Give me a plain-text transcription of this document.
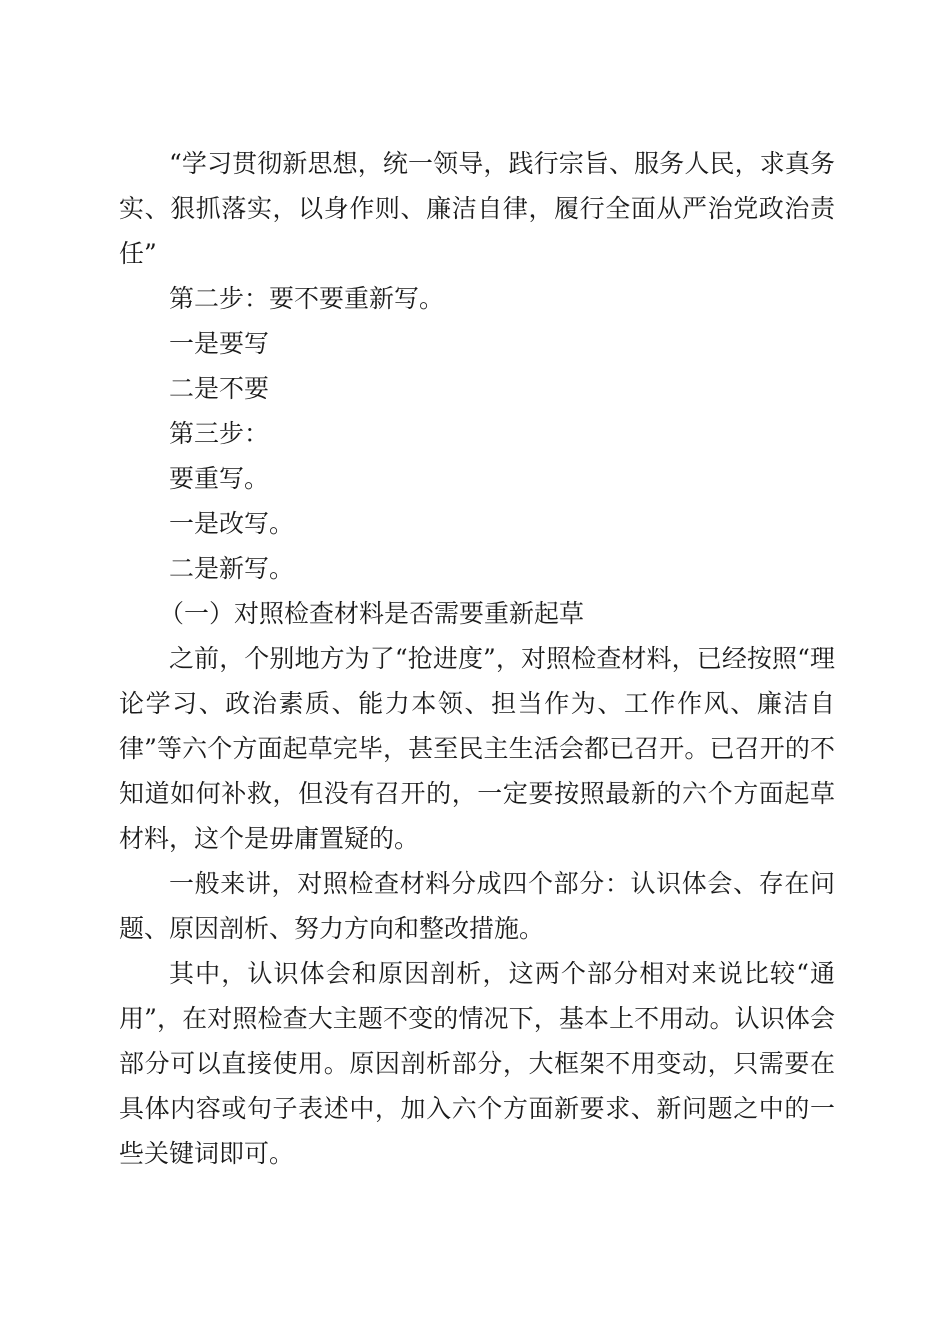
“学习贯彻新思想，统一领导，践行宗旨、服务人民，求真务实、狠抓落实，以身作则、廉洁自律，履行全面从严治党政治责任”

第二步：要不要重新写。

一是要写

二是不要

第三步：

要重写。

一是改写。

二是新写。

（一）对照检查材料是否需要重新起草

之前，个别地方为了“抢进度”，对照检查材料，已经按照“理论学习、政治素质、能力本领、担当作为、工作作风、廉洁自律”等六个方面起草完毕，甚至民主生活会都已召开。已召开的不知道如何补救，但没有召开的，一定要按照最新的六个方面起草材料，这个是毋庸置疑的。

一般来讲，对照检查材料分成四个部分：认识体会、存在问题、原因剖析、努力方向和整改措施。

其中，认识体会和原因剖析，这两个部分相对来说比较“通用”，在对照检查大主题不变的情况下，基本上不用动。认识体会部分可以直接使用。原因剖析部分，大框架不用变动，只需要在具体内容或句子表述中，加入六个方面新要求、新问题之中的一些关键词即可。
